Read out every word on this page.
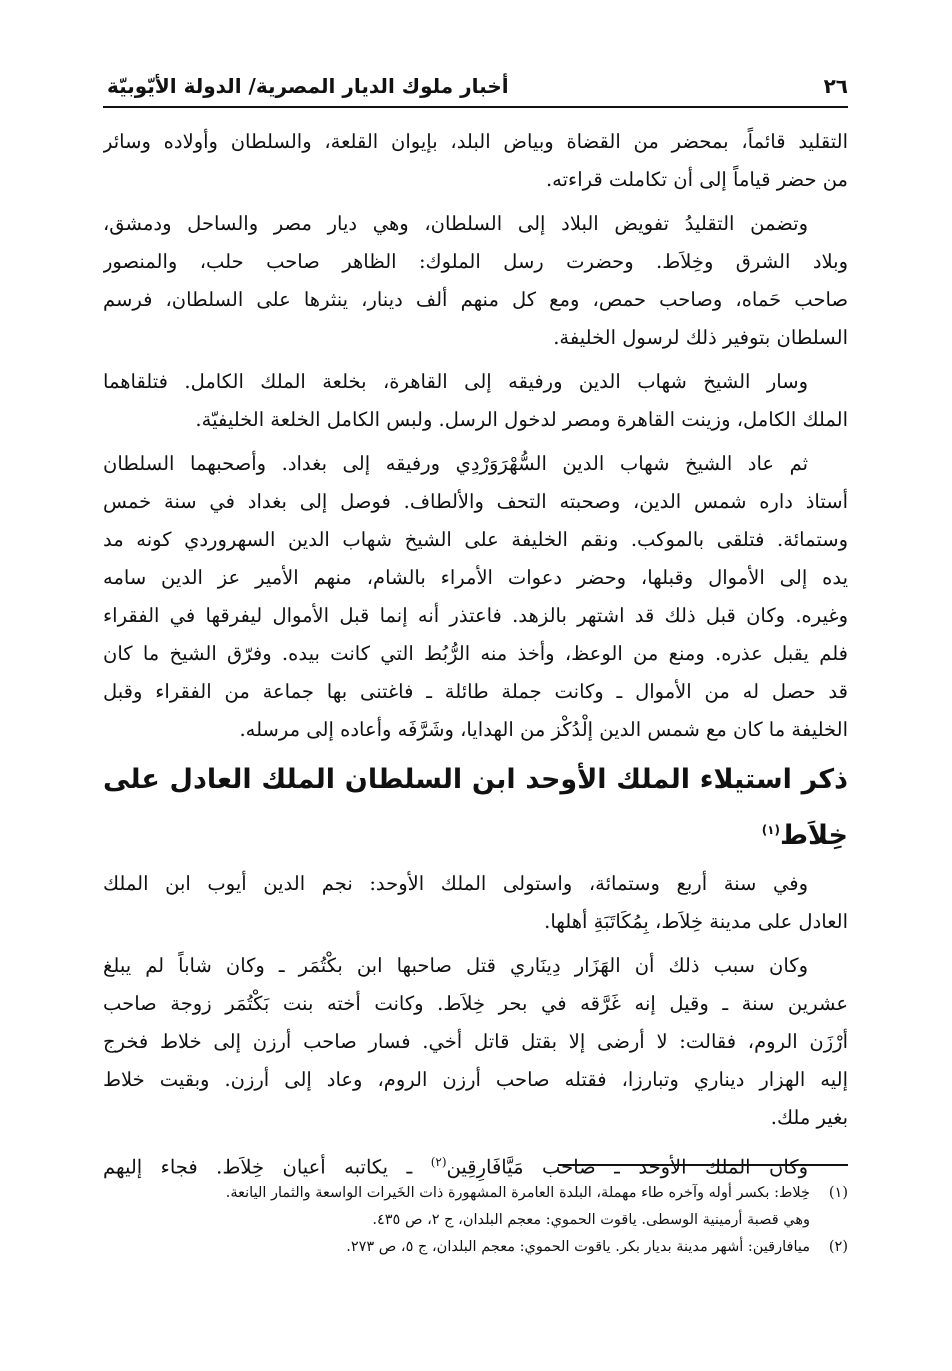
٢٦
أخبار ملوك الديار المصرية/ الدولة الأيّوبيّة
التقليد قائماً، بمحضر من القضاة وبياض البلد، بإيوان القلعة، والسلطان وأولاده وسائر
من حضر قياماً إلى أن تكاملت قراءته.
وتضمن التقليدُ تفويض البلاد إلى السلطان، وهي ديار مصر والساحل ودمشق،
وبلاد الشرق وخِلاَط. وحضرت رسل الملوك: الظاهر صاحب حلب، والمنصور
صاحب حَماه، وصاحب حمص، ومع كل منهم ألف دينار، ينثرها على السلطان، فرسم
السلطان بتوفير ذلك لرسول الخليفة.
وسار الشيخ شهاب الدين ورفيقه إلى القاهرة، بخلعة الملك الكامل. فتلقاهما
الملك الكامل، وزينت القاهرة ومصر لدخول الرسل. ولبس الكامل الخلعة الخليفيّة.
ثم عاد الشيخ شهاب الدين السُّهْرَوَرْدِي ورفيقه إلى بغداد. وأصحبهما السلطان
أستاذ داره شمس الدين، وصحبته التحف والألطاف. فوصل إلى بغداد في سنة خمس
وستمائة. فتلقى بالموكب. ونقم الخليفة على الشيخ شهاب الدين السهروردي كونه مد
يده إلى الأموال وقبلها، وحضر دعوات الأمراء بالشام، منهم الأمير عز الدين سامه
وغيره. وكان قبل ذلك قد اشتهر بالزهد. فاعتذر أنه إنما قبل الأموال ليفرقها في الفقراء
فلم يقبل عذره. ومنع من الوعظ، وأخذ منه الرُّبُط التي كانت بيده. وفرّق الشيخ ما كان
قد حصل له من الأموال ـ وكانت جملة طائلة ـ فاغتنى بها جماعة من الفقراء وقبل
الخليفة ما كان مع شمس الدين إلْدُكْز من الهدايا، وشَرَّفَه وأعاده إلى مرسله.
ذكر استيلاء الملك الأوحد ابن السلطان الملك العادل على خِلاَط$^{(١)}$
وفي سنة أربع وستمائة، واستولى الملك الأوحد: نجم الدين أيوب ابن الملك
العادل على مدينة خِلاَط، بِمُكَاتَبَةِ أهلها.
وكان سبب ذلك أن الهَزَار دِينَاري قتل صاحبها ابن بكْتُمَر ـ وكان شاباً لم يبلغ
عشرين سنة ـ وقيل إنه غَرَّقه في بحر خِلاَط. وكانت أخته بنت بَكْتُمَر زوجة صاحب
أرْزَن الروم، فقالت: لا أرضى إلا بقتل قاتل أخي. فسار صاحب أرزن إلى خلاط فخرج
إليه الهزار ديناري وتبارزا، فقتله صاحب أرزن الروم، وعاد إلى أرزن. وبقيت خلاط
بغير ملك.
وكان الملك الأوحد ـ صاحب مَيَّافَارِقِين$^{(٢)}$ ـ يكاتبه أعيان خِلاَط. فجاء إليهم
(١)خِلاط: بكسر أوله وآخره طاء مهملة، البلدة العامرة المشهورة ذات الخَيرات الواسعة والثمار اليانعة.
وهي قصبة أرمينية الوسطى. ياقوت الحموي: معجم البلدان، ج ٢، ص ٤٣٥.
(٢)ميافارقين: أشهر مدينة بديار بكر. ياقوت الحموي: معجم البلدان، ج ٥، ص ٢٧٣.
